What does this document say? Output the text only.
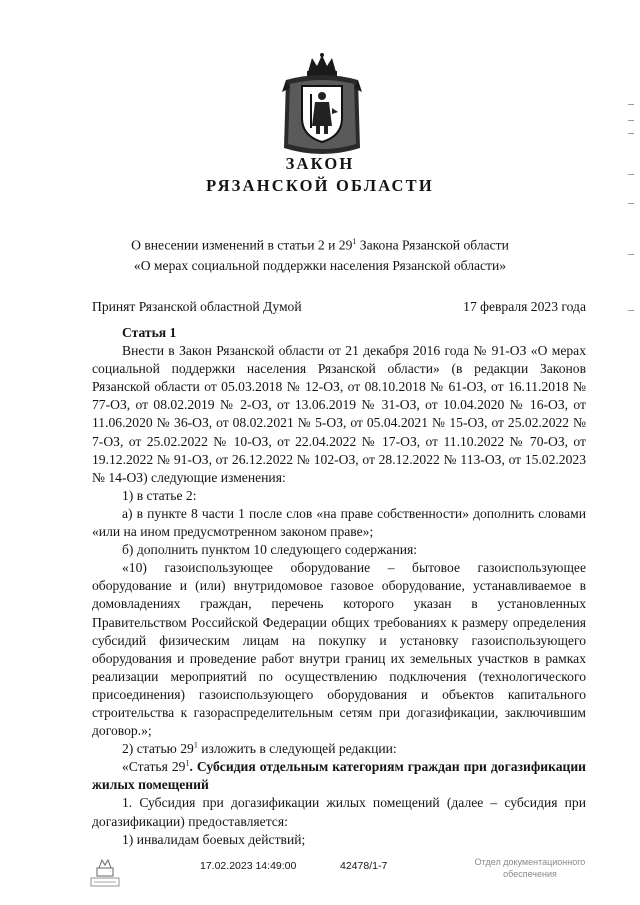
ЗАКОН
РЯЗАНСКОЙ ОБЛАСТИ
О внесении изменений в статьи 2 и $29^1$ Закона Рязанской области
«О мерах социальной поддержки населения Рязанской области»
Принят Рязанской областной Думой	17 февраля 2023 года

Статья 1

Внести в Закон Рязанской области от 21 декабря 2016 года № 91-ОЗ «О мерах социальной поддержки населения Рязанской области» (в редакции Законов Рязанской области от 05.03.2018 № 12-ОЗ, от 08.10.2018 № 61-ОЗ, от 16.11.2018 № 77-ОЗ, от 08.02.2019 № 2-ОЗ, от 13.06.2019 № 31-ОЗ, от 10.04.2020 № 16-ОЗ, от 11.06.2020 № 36-ОЗ, от 08.02.2021 № 5-ОЗ, от 05.04.2021 № 15-ОЗ, от 25.02.2022 № 7-ОЗ, от 25.02.2022 № 10-ОЗ, от 22.04.2022 № 17-ОЗ, от 11.10.2022 № 70-ОЗ, от 19.12.2022 № 91-ОЗ, от 26.12.2022 № 102-ОЗ, от 28.12.2022 № 113-ОЗ, от 15.02.2023 № 14-ОЗ) следующие изменения:

1) в статье 2:

а) в пункте 8 части 1 после слов «на праве собственности» дополнить словами «или на ином предусмотренном законом праве»;

б) дополнить пунктом 10 следующего содержания:

«10) газоиспользующее оборудование – бытовое газоиспользующее оборудование и (или) внутридомовое газовое оборудование, устанавливаемое в домовладениях граждан, перечень которого указан в установленных Правительством Российской Федерации общих требованиях к размеру определения субсидий физическим лицам на покупку и установку газоиспользующего оборудования и проведение работ внутри границ их земельных участков в рамках реализации мероприятий по осуществлению подключения (технологического присоединения) газоиспользующего оборудования и объектов капитального строительства к газораспределительным сетям при догазификации, заключившим договор.»;

2) статью $29^1$ изложить в следующей редакции:

«Статья $29^1$. Субсидия отдельным категориям граждан при догазификации жилых помещений

1. Субсидия при догазификации жилых помещений (далее – субсидия при догазификации) предоставляется:

1) инвалидам боевых действий;

17.02.2023 14:49:00	42478/1-7	Отдел документационного
обеспечения
